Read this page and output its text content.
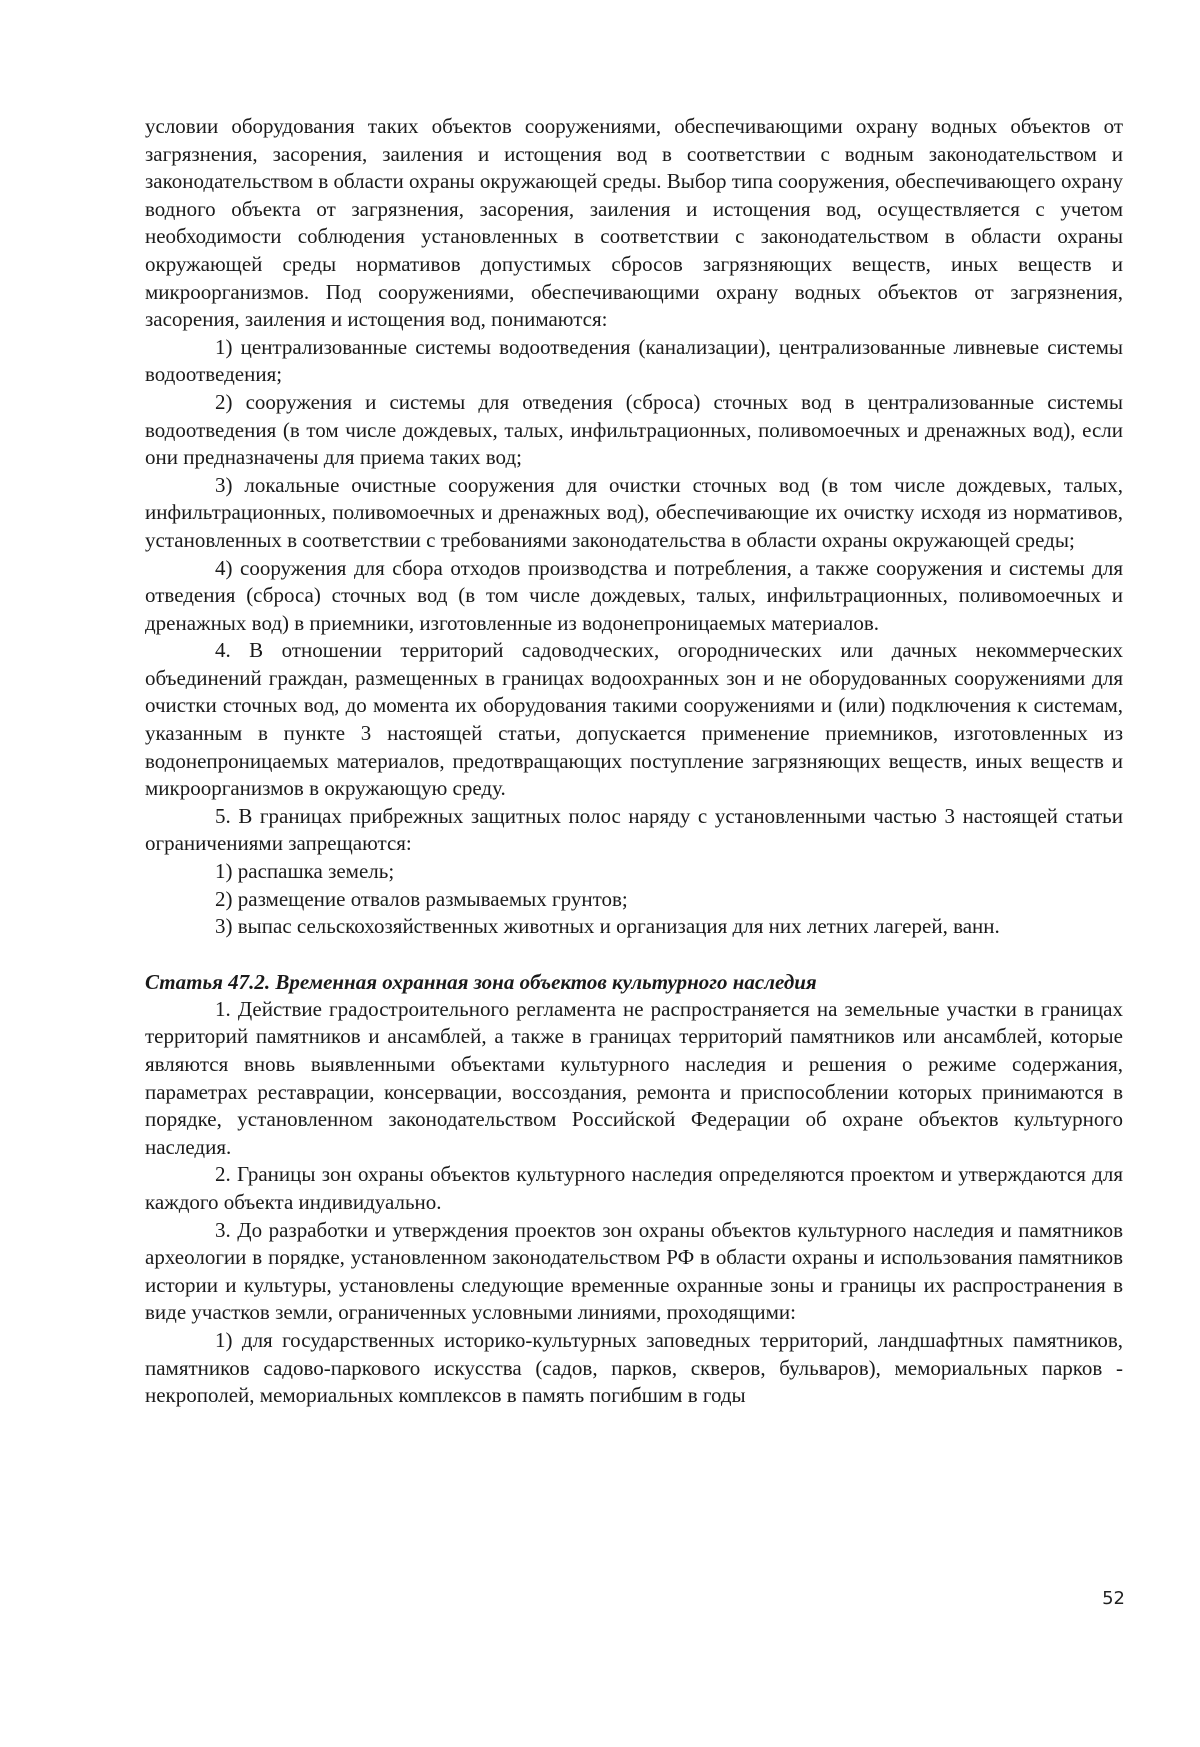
условии оборудования таких объектов сооружениями, обеспечивающими охрану водных объектов от загрязнения, засорения, заиления и истощения вод в соответствии с водным законодательством и законодательством в области охраны окружающей среды. Выбор типа сооружения, обеспечивающего охрану водного объекта от загрязнения, засорения, заиления и истощения вод, осуществляется с учетом необходимости соблюдения установленных в соответствии с законодательством в области охраны окружающей среды нормативов допустимых сбросов загрязняющих веществ, иных веществ и микроорганизмов. Под сооружениями, обеспечивающими охрану водных объектов от загрязнения, засорения, заиления и истощения вод, понимаются:

1) централизованные системы водоотведения (канализации), централизованные ливневые системы водоотведения;

2) сооружения и системы для отведения (сброса) сточных вод в централизованные системы водоотведения (в том числе дождевых, талых, инфильтрационных, поливомоечных и дренажных вод), если они предназначены для приема таких вод;

3) локальные очистные сооружения для очистки сточных вод (в том числе дождевых, талых, инфильтрационных, поливомоечных и дренажных вод), обеспечивающие их очистку исходя из нормативов, установленных в соответствии с требованиями законодательства в области охраны окружающей среды;

4) сооружения для сбора отходов производства и потребления, а также сооружения и системы для отведения (сброса) сточных вод (в том числе дождевых, талых, инфильтрационных, поливомоечных и дренажных вод) в приемники, изготовленные из водонепроницаемых материалов.

4. В отношении территорий садоводческих, огороднических или дачных некоммерческих объединений граждан, размещенных в границах водоохранных зон и не оборудованных сооружениями для очистки сточных вод, до момента их оборудования такими сооружениями и (или) подключения к системам, указанным в пункте 3 настоящей статьи, допускается применение приемников, изготовленных из водонепроницаемых материалов, предотвращающих поступление загрязняющих веществ, иных веществ и микроорганизмов в окружающую среду.

5. В границах прибрежных защитных полос наряду с установленными частью 3 настоящей статьи ограничениями запрещаются:

1) распашка земель;

2) размещение отвалов размываемых грунтов;

3) выпас сельскохозяйственных животных и организация для них летних лагерей, ванн.

Статья 47.2. Временная охранная зона объектов культурного наследия

1. Действие градостроительного регламента не распространяется на земельные участки в границах территорий памятников и ансамблей, а также в границах территорий памятников или ансамблей, которые являются вновь выявленными объектами культурного наследия и решения о режиме содержания, параметрах реставрации, консервации, воссоздания, ремонта и приспособлении которых принимаются в порядке, установленном законодательством Российской Федерации об охране объектов культурного наследия.

2. Границы зон охраны объектов культурного наследия определяются проектом и утверждаются для каждого объекта индивидуально.

3. До разработки и утверждения проектов зон охраны объектов культурного наследия и памятников археологии в порядке, установленном законодательством РФ в области охраны и использования памятников истории и культуры, установлены следующие временные охранные зоны и границы их распространения в виде участков земли, ограниченных условными линиями, проходящими:

1) для государственных историко-культурных заповедных территорий, ландшафтных памятников, памятников садово-паркового искусства (садов, парков, скверов, бульваров), мемориальных парков - некрополей, мемориальных комплексов в память погибшим в годы

52
